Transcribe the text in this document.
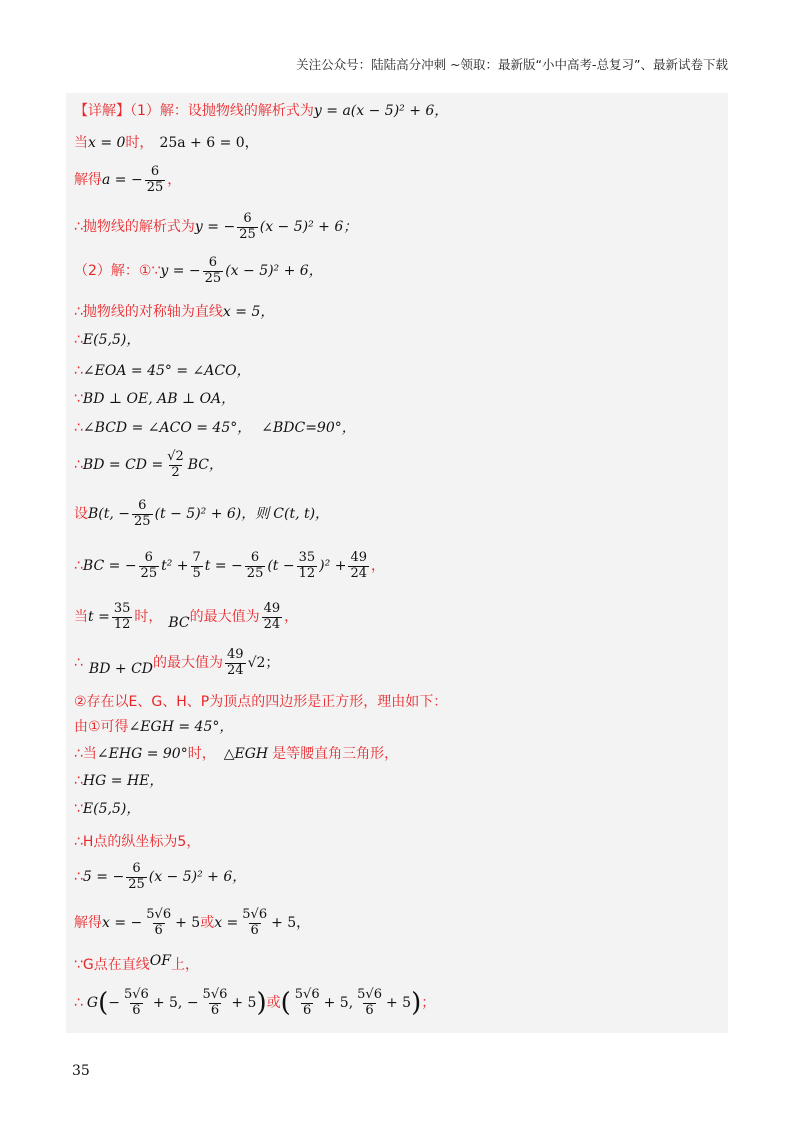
关注公众号：陆陆高分冲刺 ~领取：最新版“小中高考-总复习”、最新试卷下载
【详解】（1）解：设抛物线的解析式为 y = a(x − 5)² + 6，
当 x = 0 时， 25a + 6 = 0，
解得 a = − $\frac{6}{25}$ ，
∴抛物线的解析式为 y = − $\frac{6}{25} (x - 5)^2 + 6$；
（2）解：①∵ y = − $\frac{6}{25} (x - 5)^2 + 6$，
∴抛物线的对称轴为直线 x = 5，
∴ E(5,5)，
∴ ∠EOA = 45° = ∠ACO，
∵ BD ⊥ OE, AB ⊥ OA，
∴ ∠BCD = ∠ACO = 45°， ∠BDC=90°，
∴ BD = CD = $\frac{√2}{2}$ BC，
设 B(t, − $\frac{6}{25} (t - 5)^2 + 6$)，则 C(t, t)，
∴ BC = − $\frac{6}{25} t^2 + \frac{7}{5}$ t = − $\frac{6}{25} (t - \frac{35}{12} )^2 + \frac{49}{24}$ ，
当 $t = \frac{35}{12}$ 时， BC 的最大值为 $\frac{49}{24}$ ，
∴ BD + CD 的最大值为 $\frac{49}{24} √2$；
②存在以E、G、H、P为顶点的四边形是正方形，理由如下：
由①可得 ∠EGH = 45°，
∴当 ∠EHG = 90° 时， △EGH 是等腰直角三角形，
∴ HG = HE，
∵ E(5,5)，
∴H点的纵坐标为5，
∴ 5 = − $\frac{6}{25} (x - 5)^2 + 6$，
解得 x = − $\frac{5√6}{6} + 5$ 或 $x = \frac{5√6}{6} + 5$，
∵G点在直线 OF 上，
∴ G ( − $\frac{5√6}{6} + 5$, − $\frac{5√6}{6} + 5$ ) 或 ( $\frac{5√6}{6} + 5$, $\frac{5√6}{6} + 5$ ) ；
35
